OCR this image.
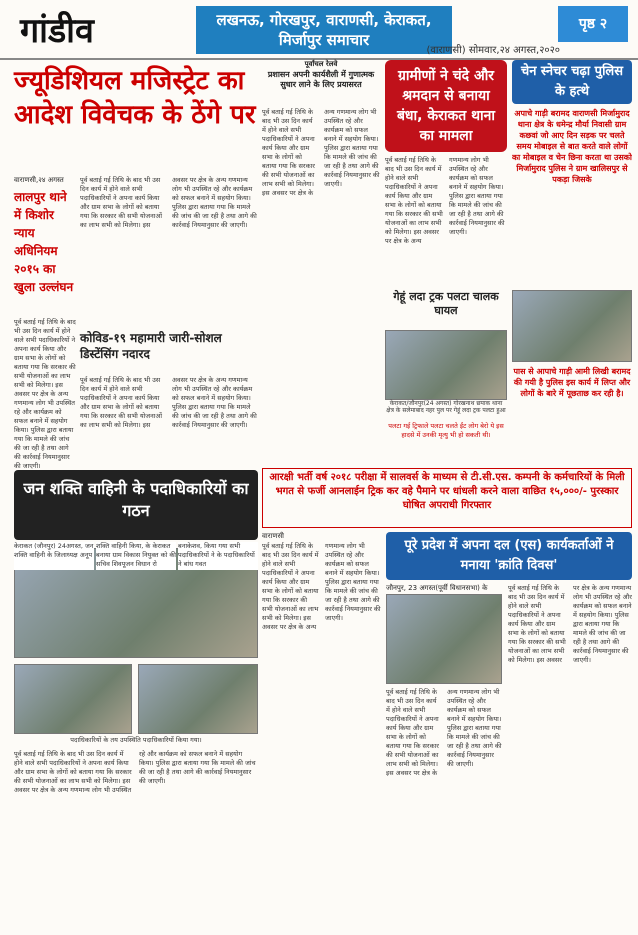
गांडीव	लखनऊ, गोरखपुर, वाराणसी, केराकत, मिर्जापुर समाचार
(वाराणसी) सोमवार,२४ अगस्त,२०२०
पृष्ठ २
ज्यूडिशियल मजिस्ट्रेट का आदेश विवेचक के ठेंगे पर
लालपुर थाने में किशोर न्याय अधिनियम २०१५ का खुला उल्लंघन
वाराणसी,२४ अगस्त
पूर्व बताई गई तिथि के बाद भी उस दिन कार्य में होने वाले सभी पदाधिकारियों ने अपना कार्य किया और ग्राम सभा के लोगों को बताया गया कि सरकार की सभी योजनाओं का लाभ सभी को मिलेगा। इस अवसर पर क्षेत्र के अन्य गणमान्य लोग भी उपस्थित रहे और कार्यक्रम को सफल बनाने में सहयोग किया। पुलिस द्वारा बताया गया कि मामले की जांच की जा रही है तथा आगे की कार्रवाई नियमानुसार की जाएगी।
पूर्व बताई गई तिथि के बाद भी उस दिन कार्य में होने वाले सभी पदाधिकारियों ने अपना कार्य किया और ग्राम सभा के लोगों को बताया गया कि सरकार की सभी योजनाओं का लाभ सभी को मिलेगा। इस अवसर पर क्षेत्र के अन्य गणमान्य लोग भी उपस्थित रहे और कार्यक्रम को सफल बनाने में सहयोग किया। पुलिस द्वारा बताया गया कि मामले की जांच की जा रही है तथा आगे की कार्रवाई नियमानुसार की जाएगी।
कोविड-१९ महामारी जारी-सोशल डिस्टेंसिंग नदारद
पूर्व बताई गई तिथि के बाद भी उस दिन कार्य में होने वाले सभी पदाधिकारियों ने अपना कार्य किया और ग्राम सभा के लोगों को बताया गया कि सरकार की सभी योजनाओं का लाभ सभी को मिलेगा। इस अवसर पर क्षेत्र के अन्य गणमान्य लोग भी उपस्थित रहे और कार्यक्रम को सफल बनाने में सहयोग किया। पुलिस द्वारा बताया गया कि मामले की जांच की जा रही है तथा आगे की कार्रवाई नियमानुसार की जाएगी।
पूर्वांचल रेलवे
प्रशासन अपनी कार्यशैली में गुणात्मक सुधार लाने के लिए प्रयासरत
पूर्व बताई गई तिथि के बाद भी उस दिन कार्य में होने वाले सभी पदाधिकारियों ने अपना कार्य किया और ग्राम सभा के लोगों को बताया गया कि सरकार की सभी योजनाओं का लाभ सभी को मिलेगा। इस अवसर पर क्षेत्र के अन्य गणमान्य लोग भी उपस्थित रहे और कार्यक्रम को सफल बनाने में सहयोग किया। पुलिस द्वारा बताया गया कि मामले की जांच की जा रही है तथा आगे की कार्रवाई नियमानुसार की जाएगी।
ग्रामीणों ने चंदे और श्रमदान से बनाया बंधा, केराकत थाना का मामला
पूर्व बताई गई तिथि के बाद भी उस दिन कार्य में होने वाले सभी पदाधिकारियों ने अपना कार्य किया और ग्राम सभा के लोगों को बताया गया कि सरकार की सभी योजनाओं का लाभ सभी को मिलेगा। इस अवसर पर क्षेत्र के अन्य गणमान्य लोग भी उपस्थित रहे और कार्यक्रम को सफल बनाने में सहयोग किया। पुलिस द्वारा बताया गया कि मामले की जांच की जा रही है तथा आगे की कार्रवाई नियमानुसार की जाएगी।
गेहूं लदा ट्रक पलटा चालक घायल
केराकत/जौनपुर(24 अगस्त) गोरखनाथ छपाक थाना क्षेत्र के सलेमाबाद नहर पुल पर गेहूं लदा ट्रक पलटा हुआ
पलटा गई ट्रिफाले पलटा चलते ईंट लोग बेरो ये इस हादसे में उनकी मृत्यु भी हो सकती थी।
चेन स्नेचर चढ़ा पुलिस के हत्थे
अपाचे गाड़ी बरामद वाराणसी मिर्जामुराद थाना क्षेत्र के धमेन्द्र मौर्या निवासी ग्राम कछवां जो आए दिन सड़क पर चलते समय मोबाइल से बात करते वाले लोगों का मोबाइल व चेन छिना करता था उसको मिर्जामुराद पुलिस ने ग्राम खालिसपुर से पकड़ा जिसके
पास से आपाचे गाड़ी आमी लिखी बरामद की गयी है पुलिस इस कार्य में लिप्त और लोगों के बारे में पूछताछ कर रही है।
आरक्षी भर्ती वर्ष २०१८ परीक्षा में सालवर्स के माध्यम से टी.सी.एस. कम्पनी के कर्मचारियों के मिली भगत से फर्जी आनलाईन ट्रिक कर वहे पैमाने पर धांधली करने वाला वाछित १५,०००/- पुरस्कार घोषित अपराधी गिरफ्तार
जन शक्ति वाहिनी के पदाधिकारियों का गठन
केराकत (जौनपुर) 24अगस्त, जन शक्ति वाहिनी के जिलाध्यक्ष अनूप
शक्ति वाहिनी किया, के केराकत बनाया ग्राम विकास नियुक्त को की सचिव शिवपूजन विधान रो
बनाकेशव, किया गया सभी पदाधिकारियों ने के पदाधिकारियों ने बांध गवत
पदाधिकारियों के तय उपस्थिति पदाधिकारियों किया गया।
पूर्व बताई गई तिथि के बाद भी उस दिन कार्य में होने वाले सभी पदाधिकारियों ने अपना कार्य किया और ग्राम सभा के लोगों को बताया गया कि सरकार की सभी योजनाओं का लाभ सभी को मिलेगा। इस अवसर पर क्षेत्र के अन्य गणमान्य लोग भी उपस्थित रहे और कार्यक्रम को सफल बनाने में सहयोग किया। पुलिस द्वारा बताया गया कि मामले की जांच की जा रही है तथा आगे की कार्रवाई नियमानुसार की जाएगी।
वाराणसी
पूर्व बताई गई तिथि के बाद भी उस दिन कार्य में होने वाले सभी पदाधिकारियों ने अपना कार्य किया और ग्राम सभा के लोगों को बताया गया कि सरकार की सभी योजनाओं का लाभ सभी को मिलेगा। इस अवसर पर क्षेत्र के अन्य गणमान्य लोग भी उपस्थित रहे और कार्यक्रम को सफल बनाने में सहयोग किया। पुलिस द्वारा बताया गया कि मामले की जांच की जा रही है तथा आगे की कार्रवाई नियमानुसार की जाएगी।
पूरे प्रदेश में अपना दल (एस) कार्यकर्ताओं ने मनाया 'क्रांति दिवस'
जौनपुर, 23 अगस्त(पूर्वी विधानसभा) के
पूर्व बताई गई तिथि के बाद भी उस दिन कार्य में होने वाले सभी पदाधिकारियों ने अपना कार्य किया और ग्राम सभा के लोगों को बताया गया कि सरकार की सभी योजनाओं का लाभ सभी को मिलेगा। इस अवसर पर क्षेत्र के अन्य गणमान्य लोग भी उपस्थित रहे और कार्यक्रम को सफल बनाने में सहयोग किया। पुलिस द्वारा बताया गया कि मामले की जांच की जा रही है तथा आगे की कार्रवाई नियमानुसार की जाएगी।
पूर्व बताई गई तिथि के बाद भी उस दिन कार्य में होने वाले सभी पदाधिकारियों ने अपना कार्य किया और ग्राम सभा के लोगों को बताया गया कि सरकार की सभी योजनाओं का लाभ सभी को मिलेगा। इस अवसर पर क्षेत्र के अन्य गणमान्य लोग भी उपस्थित रहे और कार्यक्रम को सफल बनाने में सहयोग किया। पुलिस द्वारा बताया गया कि मामले की जांच की जा रही है तथा आगे की कार्रवाई नियमानुसार की जाएगी।
